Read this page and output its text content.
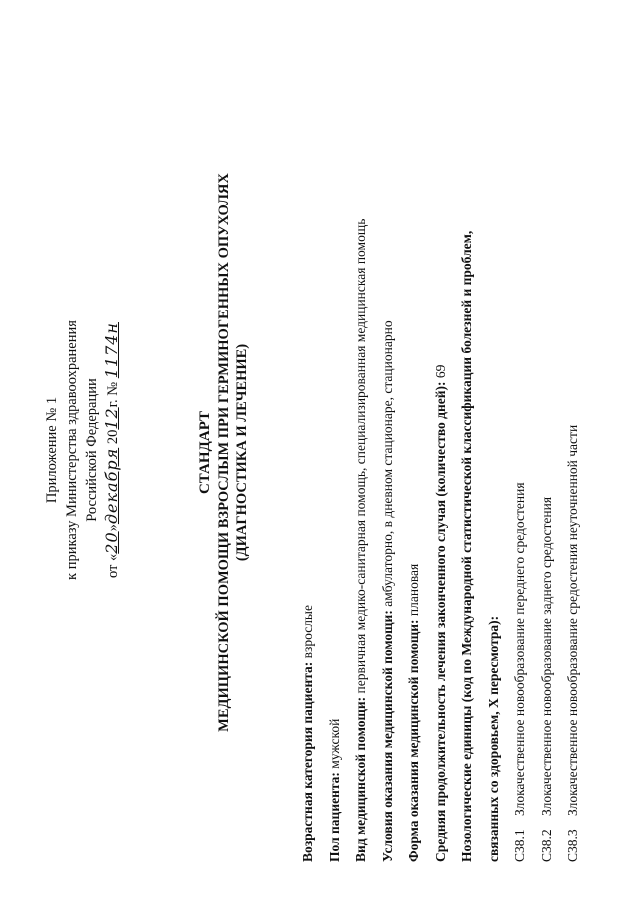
Приложение № 1 к приказу Министерства здравоохранения Российской Федерации
от «20»декабря 2012г. № 1174н
СТАНДАРТ МЕДИЦИНСКОЙ ПОМОЩИ ВЗРОСЛЫМ ПРИ ГЕРМИНОГЕННЫХ ОПУХОЛЯХ (ДИАГНОСТИКА И ЛЕЧЕНИЕ)
Возрастная категория пациента: взрослые
Пол пациента: мужской Вид медицинской помощи: первичная медико-санитарная помощь, специализированная медицинская помощь
Условия оказания медицинской помощи: амбулаторно, в дневном стационаре, стационарно
Форма оказания медицинской помощи: плановая Средняя продолжительность лечения законченного случая (количество дней): 69 Нозологические единицы (код по Международной статистической классификации болезней и проблем, связанных со здоровьем, X пересмотра): C38.1
Злокачественное новообразование переднего средостения
C38.2
Злокачественное новообразование заднего средостения
C38.3
Злокачественное новообразование средостения неуточненной части
